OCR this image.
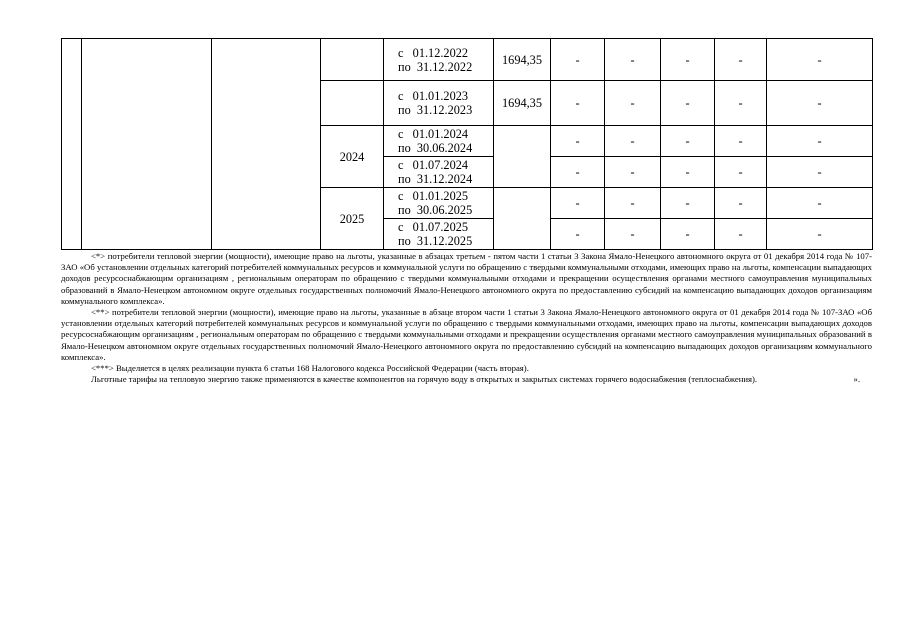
				с   01.12.2022
по  31.12.2022	1694,35	-	-	-	-	-
				с   01.01.2023
по  31.12.2023	1694,35	-	-	-	-	-
			2024	с   01.01.2024
по  30.06.2024		-	-	-	-	-
				с   01.07.2024
по  31.12.2024		-	-	-	-	-
			2025	с   01.01.2025
по  30.06.2025		-	-	-	-	-
				с   01.07.2025
по  31.12.2025		-	-	-	-	-

<*> потребители тепловой энергии (мощности), имеющие право на льготы, указанные в абзацах третьем - пятом части 1 статьи 3 Закона Ямало-Ненецкого автономного округа от 01 декабря 2014 года № 107-ЗАО «Об установлении отдельных категорий потребителей коммунальных ресурсов и коммунальной услуги по обращению с твердыми коммунальными отходами, имеющих право на льготы, компенсации выпадающих доходов ресурсоснабжающим организациям , региональным операторам по обращению с твердыми коммунальными отходами и прекращении осуществления органами местного самоуправления муниципальных образований в Ямало-Ненецком автономном округе отдельных государственных полномочий Ямало-Ненецкого автономного округа по предоставлению субсидий на компенсацию выпадающих доходов организациям коммунального комплекса».

<**> потребители тепловой энергии (мощности), имеющие право на льготы, указанные в абзаце втором части 1 статьи 3 Закона Ямало-Ненецкого автономного округа от 01 декабря 2014 года № 107-ЗАО «Об установлении отдельных категорий потребителей коммунальных ресурсов и коммунальной услуги по обращению с твердыми коммунальными отходами, имеющих право на льготы, компенсации выпадающих доходов ресурсоснабжающим организациям , региональным операторам по обращению с твердыми коммунальными отходами и прекращении осуществления органами местного самоуправления муниципальных образований в Ямало-Ненецком автономном округе отдельных государственных полномочий Ямало-Ненецкого автономного округа по предоставлению субсидий на компенсацию выпадающих доходов организациям коммунального комплекса».

<***> Выделяется в целях реализации пункта 6 статьи 168 Налогового кодекса Российской Федерации (часть вторая).

Льготные тарифы на тепловую энергию также применяются в качестве компонентов на горячую воду в открытых и закрытых системах горячего водоснабжения (теплоснабжения).	».
